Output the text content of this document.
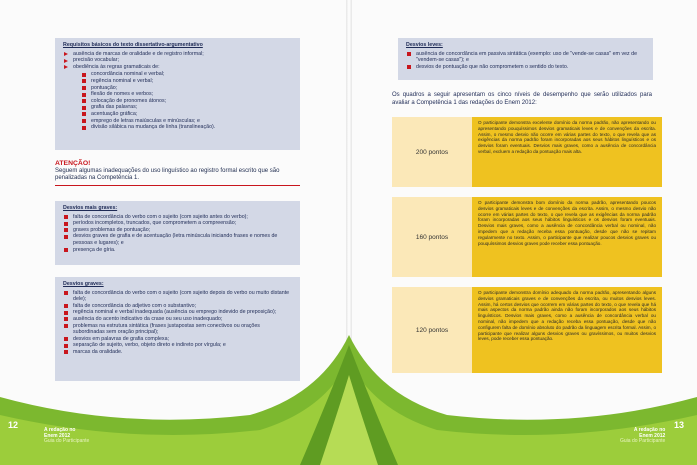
Requisitos básicos do texto dissertativo-argumentativo
ausência de marcas de oralidade e de registro informal;
precisão vocabular;
obediência às regras gramaticais de:
concordância nominal e verbal;
regência nominal e verbal;
pontuação;
flexão de nomes e verbos;
colocação de pronomes átonos;
grafia das palavras;
acentuação gráfica;
emprego de letras maiúsculas e minúsculas; e
divisão silábica na mudança de linha (translineação).
ATENÇÃO!
Seguem algumas inadequações do uso linguístico ao registro formal escrito que são penalizadas na Competência 1.
Desvios mais graves:
falta de concordância do verbo com o sujeito (com sujeito antes do verbo);
períodos incompletos, truncados, que comprometem a compreensão;
graves problemas de pontuação;
desvios graves de grafia e de acentuação (letra minúscula iniciando frases e nomes de pessoas e lugares); e
presença de gíria.
Desvios graves:
falta de concordância do verbo com o sujeito (com sujeito depois do verbo ou muito distante dele);
falta de concordância do adjetivo com o substantivo;
regência nominal e verbal inadequada (ausência ou emprego indevido de preposição);
ausência do acento indicativo da crase ou seu uso inadequado;
problemas na estrutura sintática (frases justapostas sem conectivos ou orações subordinadas sem oração principal);
desvios em palavras de grafia complexa;
separação de sujeito, verbo, objeto direto e indireto por vírgula; e
marcas da oralidade.
Desvios leves:
ausência de concordância em passiva sintática (exemplo: uso de "vende-se casas" em vez de "vendem-se casas"); e
desvios de pontuação que não comprometem o sentido do texto.
Os quadros a seguir apresentam os cinco níveis de desempenho que serão utilizados para avaliar a Competência 1 das redações do Enem 2012:
200 pontos
O participante demonstra excelente domínio da norma padrão, não apresentando ou apresentando pouquíssimos desvios gramaticais leves e de convenções da escrita. Assim, o mesmo desvio não ocorre em várias partes do texto, o que revela que as exigências da norma padrão foram incorporadas aos seus hábitos linguísticos e os desvios foram eventuais. Desvios mais graves, como a ausência de concordância verbal, excluem a redação da pontuação mais alta.
160 pontos
O participante demonstra bom domínio da norma padrão, apresentando poucos desvios gramaticais leves e de convenções da escrita. Assim, o mesmo desvio não ocorre em várias partes do texto, o que revela que as exigências da norma padrão foram incorporadas aos seus hábitos linguísticos e os desvios foram eventuais. Desvios mais graves, como a ausência de concordância verbal ou nominal, não impedem que a redação receba essa pontuação, desde que não se repitam regularmente no texto. Assim, o participante que realizar poucos desvios graves ou pouquíssimos desvios graves pode receber essa pontuação.
120 pontos
O participante demonstra domínio adequado da norma padrão, apresentando alguns desvios gramaticais graves e de convenções da escrita, ou muitos desvios leves. Assim, há certos desvios que ocorrem em várias partes do texto, o que revela que há mais aspectos da norma padrão ainda não foram incorporados aos seus hábitos linguísticos. Desvios mais graves, como a ausência de concordância verbal ou nominal, não impedem que a redação receba essa pontuação, desde que não configurem falta de domínio absoluto do padrão da linguagem escrita formal. Assim, o participante que realizar alguns desvios graves ou gravíssimos, ou muitos desvios leves, pode receber essa pontuação.
12	A redação no
Enem 2012
Guia do Participante
13
A redação no
Enem 2012
Guia do Participante
